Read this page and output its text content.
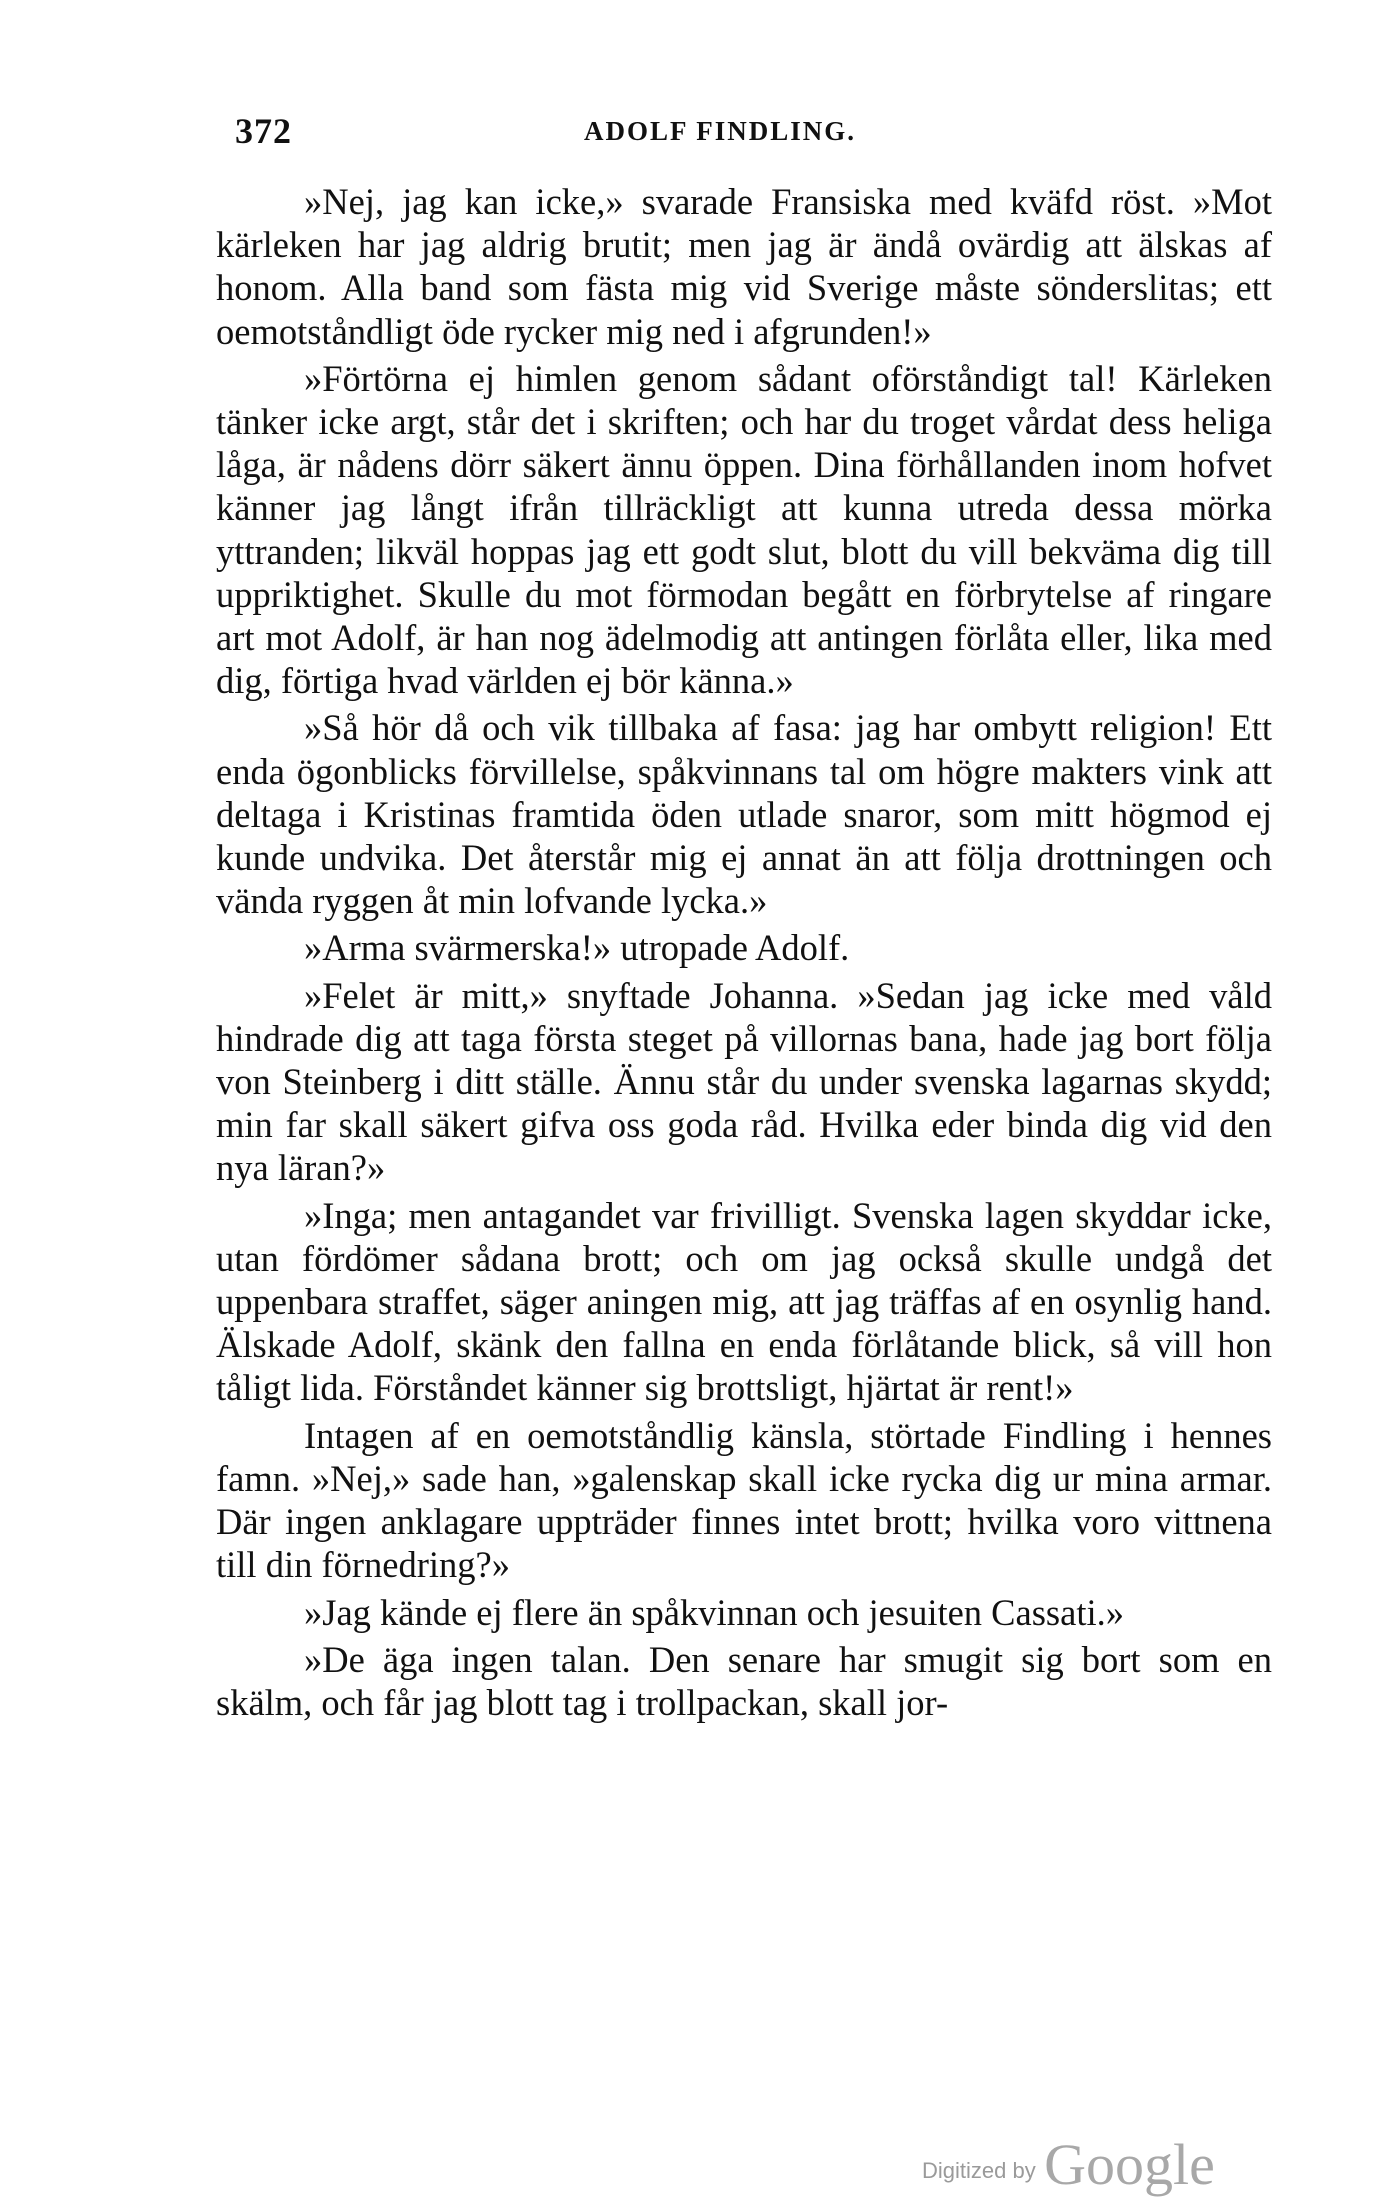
372	ADOLF FINDLING.

»Nej, jag kan icke,» svarade Fransiska med kväfd röst. »Mot kärleken har jag aldrig brutit; men jag är ändå ovärdig att älskas af honom. Alla band som fästa mig vid Sverige måste sönderslitas; ett oemotståndligt öde rycker mig ned i afgrunden!»

»Förtörna ej himlen genom sådant oförståndigt tal! Kärleken tänker icke argt, står det i skriften; och har du troget vårdat dess heliga låga, är nådens dörr säkert ännu öppen. Dina förhållanden inom hofvet känner jag långt ifrån tillräckligt att kunna utreda dessa mörka yttranden; likväl hoppas jag ett godt slut, blott du vill bekväma dig till uppriktighet. Skulle du mot förmodan begått en förbrytelse af ringare art mot Adolf, är han nog ädelmodig att antingen förlåta eller, lika med dig, förtiga hvad världen ej bör känna.»

»Så hör då och vik tillbaka af fasa: jag har ombytt religion! Ett enda ögonblicks förvillelse, spåkvinnans tal om högre makters vink att deltaga i Kristinas framtida öden utlade snaror, som mitt högmod ej kunde undvika. Det återstår mig ej annat än att följa drottningen och vända ryggen åt min lofvande lycka.»

»Arma svärmerska!» utropade Adolf.

»Felet är mitt,» snyftade Johanna. »Sedan jag icke med våld hindrade dig att taga första steget på villornas bana, hade jag bort följa von Steinberg i ditt ställe. Ännu står du under svenska lagarnas skydd; min far skall säkert gifva oss goda råd. Hvilka eder binda dig vid den nya läran?»

»Inga; men antagandet var frivilligt. Svenska lagen skyddar icke, utan fördömer sådana brott; och om jag också skulle undgå det uppenbara straffet, säger aningen mig, att jag träffas af en osynlig hand. Älskade Adolf, skänk den fallna en enda förlåtande blick, så vill hon tåligt lida. Förståndet känner sig brottsligt, hjärtat är rent!»

Intagen af en oemotståndlig känsla, störtade Findling i hennes famn. »Nej,» sade han, »galenskap skall icke rycka dig ur mina armar. Där ingen anklagare uppträder finnes intet brott; hvilka voro vittnena till din förnedring?»

»Jag kände ej flere än spåkvinnan och jesuiten Cassati.»

»De äga ingen talan. Den senare har smugit sig bort som en skälm, och får jag blott tag i trollpackan, skall jor-

Digitized by Google
